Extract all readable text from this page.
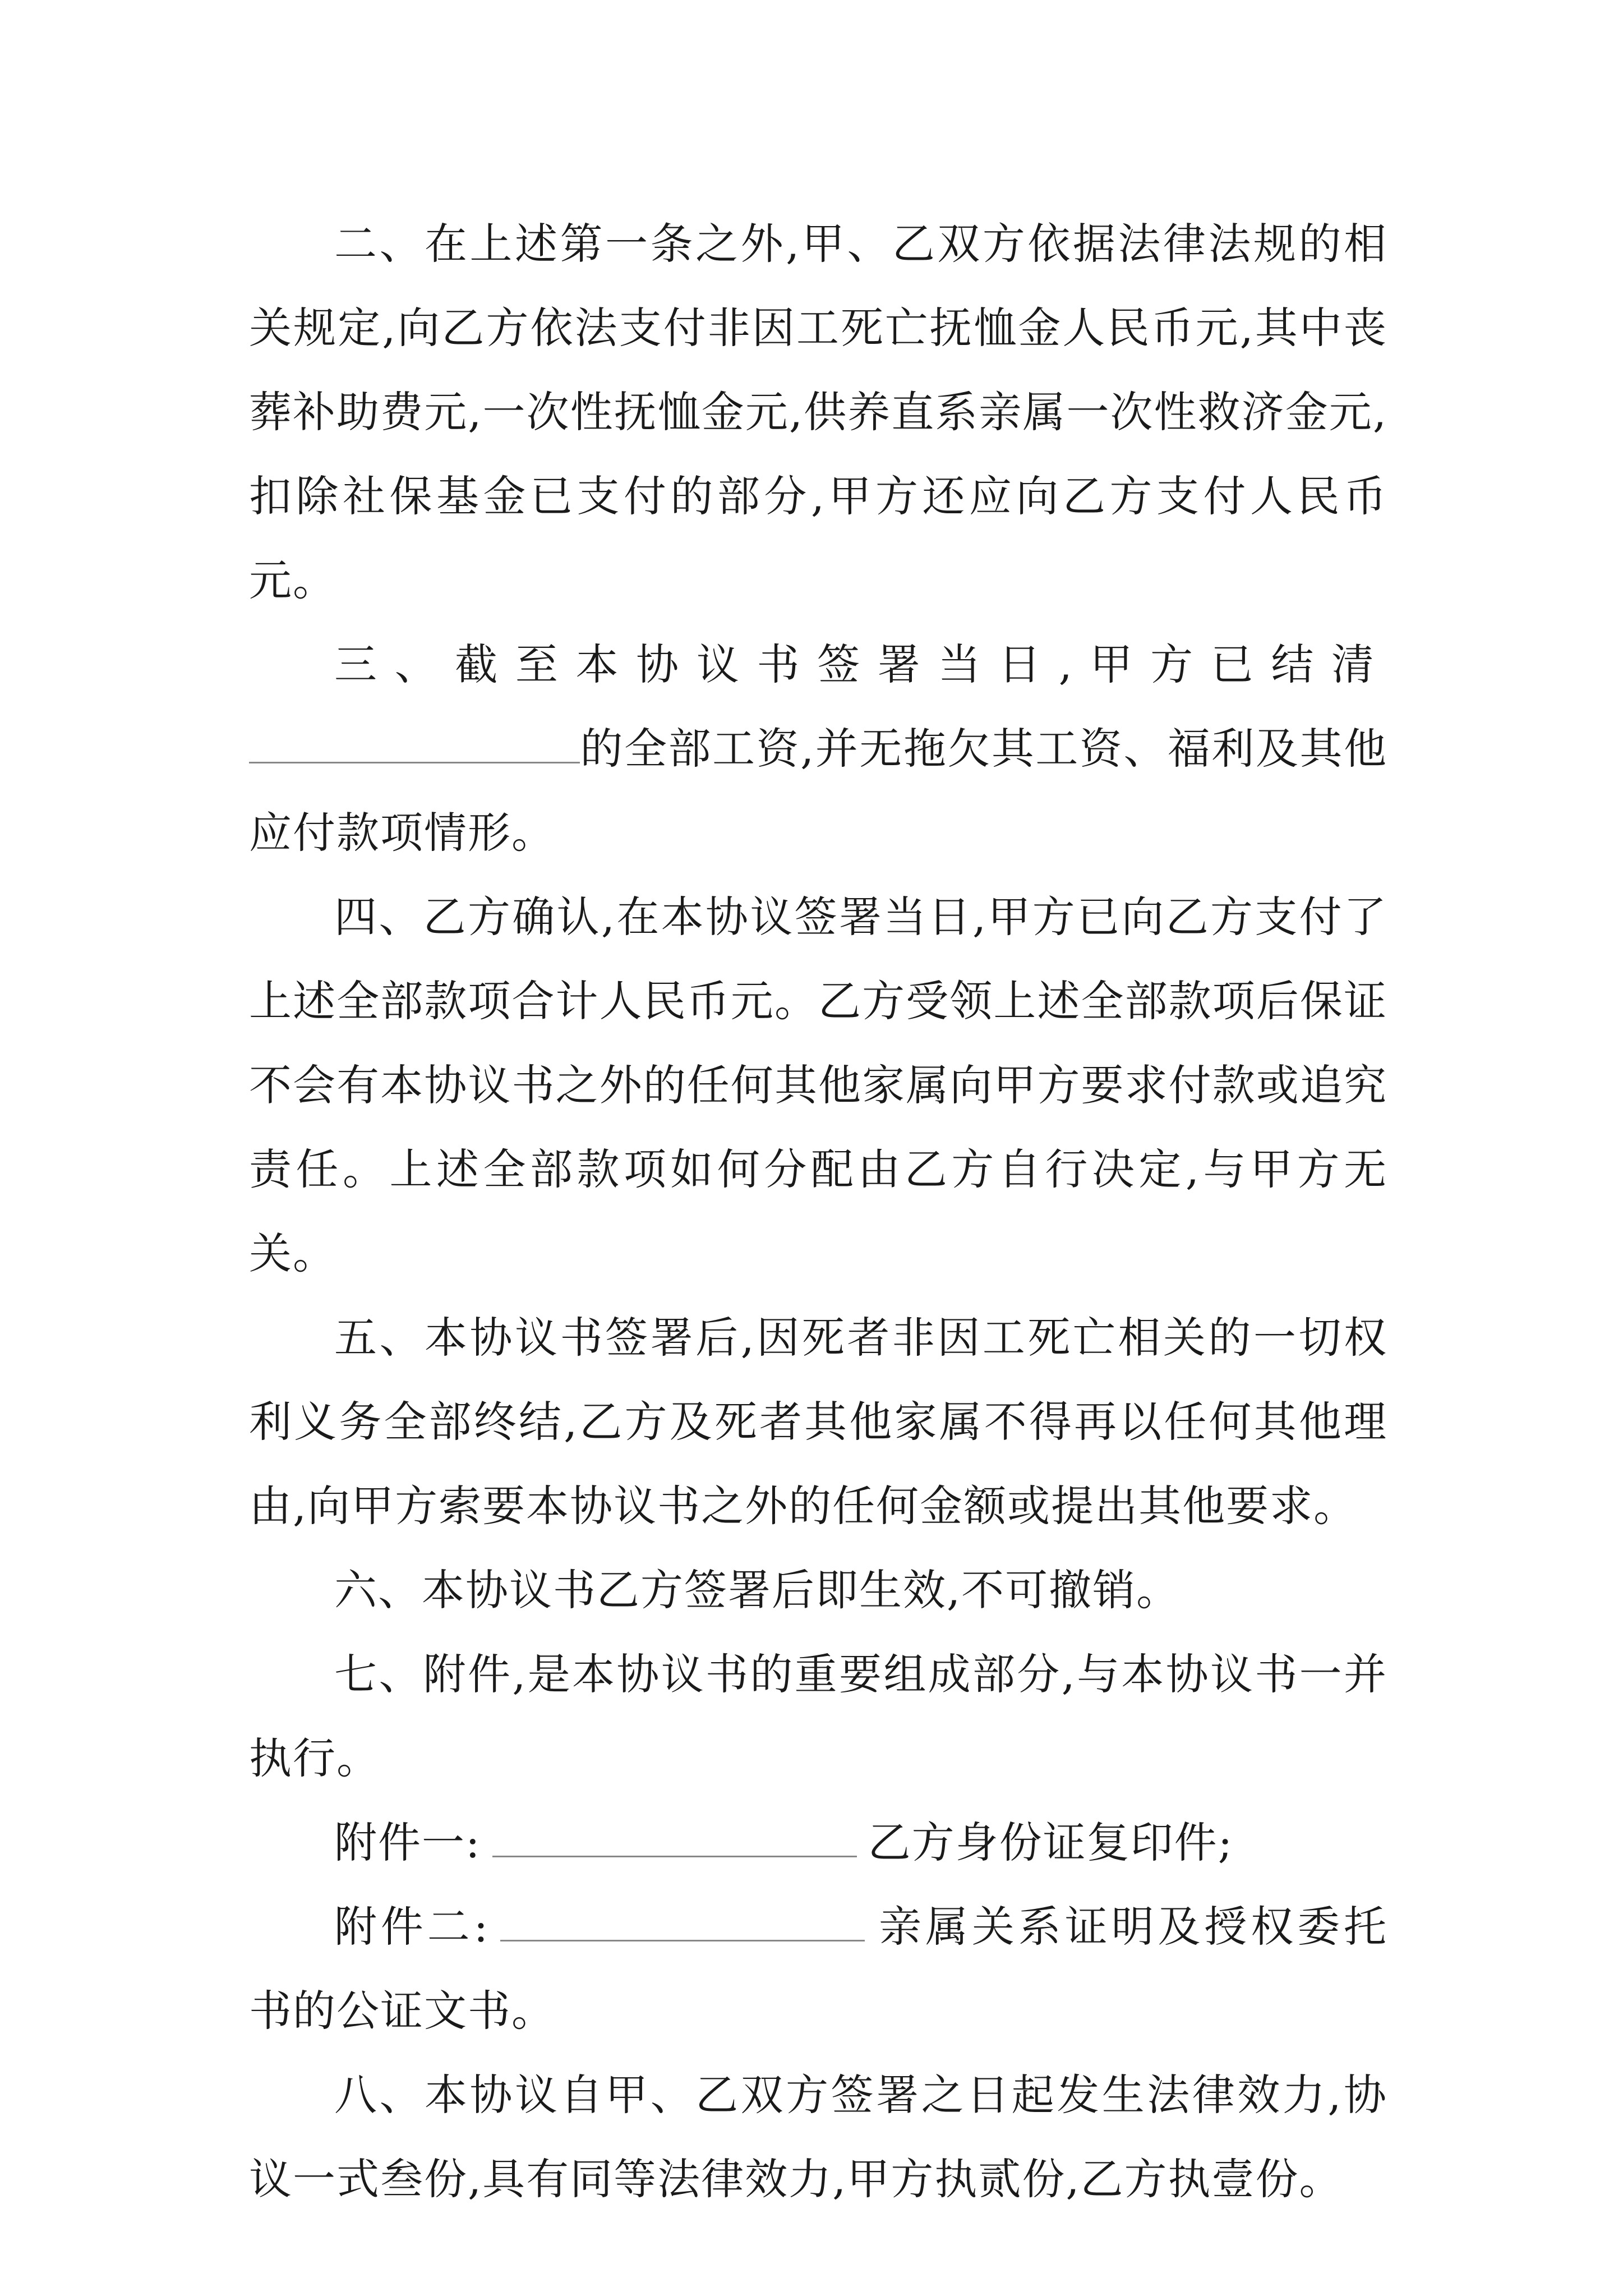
二、在上述第一条之外,甲、乙双方依据法律法规的相关规定,向乙方依法支付非因工死亡抚恤金人民币元,其中丧葬补助费元,一次性抚恤金元,供养直系亲属一次性救济金元,扣除社保基金已支付的部分,甲方还应向乙方支付人民币元。

三、截至本协议书签署当日,甲方已结清

的全部工资,并无拖欠其工资、福利及其他应付款项情形。

四、乙方确认,在本协议签署当日,甲方已向乙方支付了上述全部款项合计人民币元。乙方受领上述全部款项后保证不会有本协议书之外的任何其他家属向甲方要求付款或追究责任。上述全部款项如何分配由乙方自行决定,与甲方无关。

五、本协议书签署后,因死者非因工死亡相关的一切权利义务全部终结,乙方及死者其他家属不得再以任何其他理由,向甲方索要本协议书之外的任何金额或提出其他要求。

六、本协议书乙方签署后即生效,不可撤销。

七、附件,是本协议书的重要组成部分,与本协议书一并执行。

附件一:	乙方身份证复印件;

附件二:	亲属关系证明及授权委托书的公证文书。

八、本协议自甲、乙双方签署之日起发生法律效力,协议一式叁份,具有同等法律效力,甲方执贰份,乙方执壹份。
